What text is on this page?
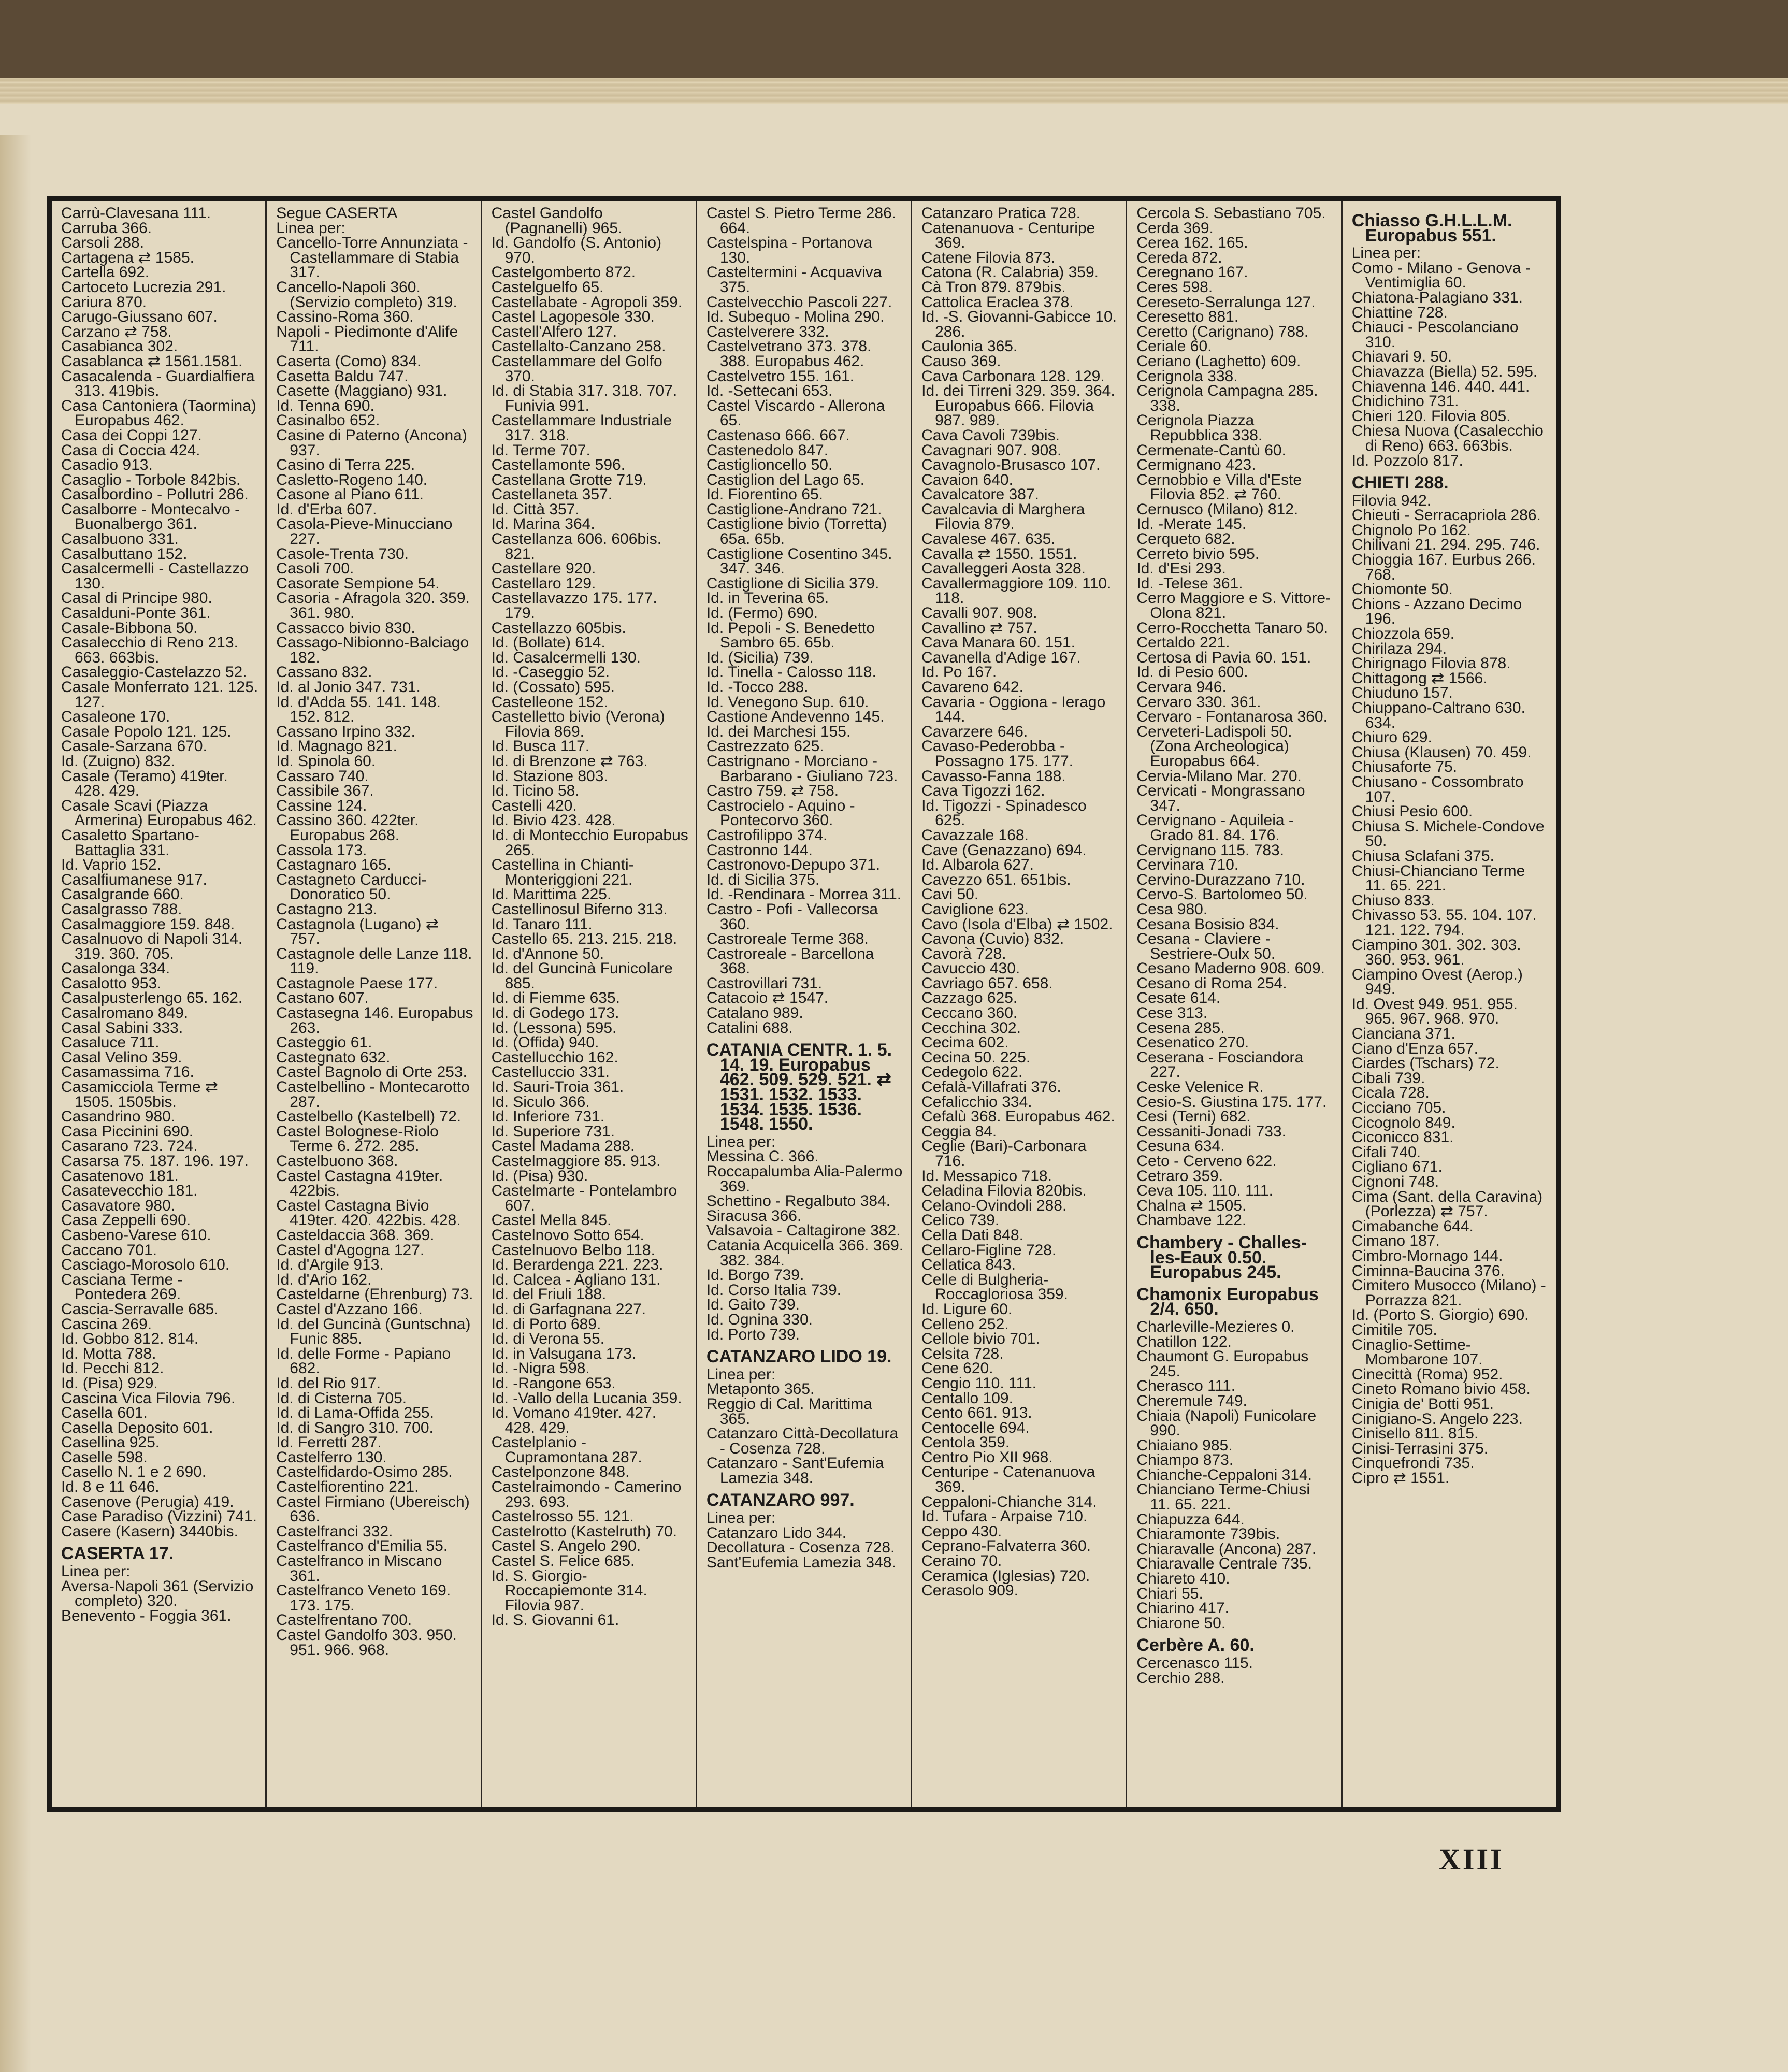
Carrù-Clavesana 111.
Carruba 366.
Carsoli 288.
Cartagena ⇄ 1585.
Cartella 692.
Cartoceto Lucrezia 291.
Cariura 870.
Carugo-Giussano 607.
Carzano ⇄ 758.
Casabianca 302.
Casablanca ⇄ 1561.1581.
Casacalenda - Guardialfiera 313. 419bis.
Casa Cantoniera (Taormina) Europabus 462.
Casa dei Coppi 127.
Casa di Coccia 424.
Casadio 913.
Casaglio - Torbole 842bis.
Casalbordino - Pollutri 286.
Casalborre - Montecalvo - Buonalbergo 361.
Casalbuono 331.
Casalbuttano 152.
Casalcermelli - Castellazzo 130.
Casal di Principe 980.
Casalduni-Ponte 361.
Casale-Bibbona 50.
Casalecchio di Reno 213. 663. 663bis.
Casaleggio-Castelazzo 52.
Casale Monferrato 121. 125. 127.
Casaleone 170.
Casale Popolo 121. 125.
Casale-Sarzana 670.
Id. (Zuigno) 832.
Casale (Teramo) 419ter. 428. 429.
Casale Scavi (Piazza Armerina) Europabus 462.
Casaletto Spartano-Battaglia 331.
Id. Vaprio 152.
Casalfiumanese 917.
Casalgrande 660.
Casalgrasso 788.
Casalmaggiore 159. 848.
Casalnuovo di Napoli 314. 319. 360. 705.
Casalonga 334.
Casalotto 953.
Casalpusterlengo 65. 162.
Casalromano 849.
Casal Sabini 333.
Casaluce 711.
Casal Velino 359.
Casamassima 716.
Casamicciola Terme ⇄ 1505. 1505bis.
Casandrino 980.
Casa Piccinini 690.
Casarano 723. 724.
Casarsa 75. 187. 196. 197.
Casatenovo 181.
Casatevecchio 181.
Casavatore 980.
Casa Zeppelli 690.
Casbeno-Varese 610.
Caccano 701.
Casciago-Morosolo 610.
Casciana Terme - Pontedera 269.
Cascia-Serravalle 685.
Cascina 269.
Id. Gobbo 812. 814.
Id. Motta 788.
Id. Pecchi 812.
Id. (Pisa) 929.
Cascina Vica Filovia 796.
Casella 601.
Casella Deposito 601.
Casellina 925.
Caselle 598.
Casello N. 1 e 2 690.
Id. 8 e 11 646.
Casenove (Perugia) 419.
Case Paradiso (Vizzini) 741.
Casere (Kasern) 3440bis.
CASERTA 17.
Linea per:
Aversa-Napoli 361 (Servizio completo) 320.
Benevento - Foggia 361.
Segue CASERTA
Linea per:
Cancello-Torre Annunziata - Castellammare di Stabia 317.
Cancello-Napoli 360. (Servizio completo) 319.
Cassino-Roma 360.
Napoli - Piedimonte d'Alife 711.
Caserta (Como) 834.
Casetta Baldu 747.
Casette (Maggiano) 931.
Id. Tenna 690.
Casinalbo 652.
Casine di Paterno (Ancona) 937.
Casino di Terra 225.
Casletto-Rogeno 140.
Casone al Piano 611.
Id. d'Erba 607.
Casola-Pieve-Minucciano 227.
Casole-Trenta 730.
Casoli 700.
Casorate Sempione 54.
Casoria - Afragola 320. 359. 361. 980.
Cassacco bivio 830.
Cassago-Nibionno-Balciago 182.
Cassano 832.
Id. al Jonio 347. 731.
Id. d'Adda 55. 141. 148. 152. 812.
Cassano Irpino 332.
Id. Magnago 821.
Id. Spinola 60.
Cassaro 740.
Cassibile 367.
Cassine 124.
Cassino 360. 422ter. Europabus 268.
Cassola 173.
Castagnaro 165.
Castagneto Carducci-Donoratico 50.
Castagno 213.
Castagnola (Lugano) ⇄ 757.
Castagnole delle Lanze 118. 119.
Castagnole Paese 177.
Castano 607.
Castasegna 146. Europabus 263.
Casteggio 61.
Castegnato 632.
Castel Bagnolo di Orte 253.
Castelbellino - Montecarotto 287.
Castelbello (Kastelbell) 72.
Castel Bolognese-Riolo Terme 6. 272. 285.
Castelbuono 368.
Castel Castagna 419ter. 422bis.
Castel Castagna Bivio 419ter. 420. 422bis. 428.
Casteldaccia 368. 369.
Castel d'Agogna 127.
Id. d'Argile 913.
Id. d'Ario 162.
Casteldarne (Ehrenburg) 73.
Castel d'Azzano 166.
Id. del Guncinà (Guntschna) Funic 885.
Id. delle Forme - Papiano 682.
Id. del Rio 917.
Id. di Cisterna 705.
Id. di Lama-Offida 255.
Id. di Sangro 310. 700.
Id. Ferretti 287.
Castelferro 130.
Castelfidardo-Osimo 285.
Castelfiorentino 221.
Castel Firmiano (Ubereisch) 636.
Castelfranci 332.
Castelfranco d'Emilia 55.
Castelfranco in Miscano 361.
Castelfranco Veneto 169. 173. 175.
Castelfrentano 700.
Castel Gandolfo 303. 950. 951. 966. 968.
Castel Gandolfo (Pagnanelli) 965.
Id. Gandolfo (S. Antonio) 970.
Castelgomberto 872.
Castelguelfo 65.
Castellabate - Agropoli 359.
Castel Lagopesole 330.
Castell'Alfero 127.
Castellalto-Canzano 258.
Castellammare del Golfo 370.
Id. di Stabia 317. 318. 707. Funivia 991.
Castellammare Industriale 317. 318.
Id. Terme 707.
Castellamonte 596.
Castellana Grotte 719.
Castellaneta 357.
Id. Città 357.
Id. Marina 364.
Castellanza 606. 606bis. 821.
Castellare 920.
Castellaro 129.
Castellavazzo 175. 177. 179.
Castellazzo 605bis.
Id. (Bollate) 614.
Id. Casalcermelli 130.
Id. -Caseggio 52.
Id. (Cossato) 595.
Castelleone 152.
Castelletto bivio (Verona) Filovia 869.
Id. Busca 117.
Id. di Brenzone ⇄ 763.
Id. Stazione 803.
Id. Ticino 58.
Castelli 420.
Id. Bivio 423. 428.
Id. di Montecchio Europabus 265.
Castellina in Chianti-Monteriggioni 221.
Id. Marittima 225.
Castellinosul Biferno 313.
Id. Tanaro 111.
Castello 65. 213. 215. 218.
Id. d'Annone 50.
Id. del Guncinà Funicolare 885.
Id. di Fiemme 635.
Id. di Godego 173.
Id. (Lessona) 595.
Id. (Offida) 940.
Castellucchio 162.
Castelluccio 331.
Id. Sauri-Troia 361.
Id. Siculo 366.
Id. Inferiore 731.
Id. Superiore 731.
Castel Madama 288.
Castelmaggiore 85. 913.
Id. (Pisa) 930.
Castelmarte - Pontelambro 607.
Castel Mella 845.
Castelnovo Sotto 654.
Castelnuovo Belbo 118.
Id. Berardenga 221. 223.
Id. Calcea - Agliano 131.
Id. del Friuli 188.
Id. di Garfagnana 227.
Id. di Porto 689.
Id. di Verona 55.
Id. in Valsugana 173.
Id. -Nigra 598.
Id. -Rangone 653.
Id. -Vallo della Lucania 359.
Id. Vomano 419ter. 427. 428. 429.
Castelplanio - Cupramontana 287.
Castelponzone 848.
Castelraimondo - Camerino 293. 693.
Castelrosso 55. 121.
Castelrotto (Kastelruth) 70.
Castel S. Angelo 290.
Castel S. Felice 685.
Id. S. Giorgio-Roccapiemonte 314. Filovia 987.
Id. S. Giovanni 61.
Castel S. Pietro Terme 286. 664.
Castelspina - Portanova 130.
Casteltermini - Acquaviva 375.
Castelvecchio Pascoli 227.
Id. Subequo - Molina 290.
Castelverere 332.
Castelvetrano 373. 378. 388. Europabus 462.
Castelvetro 155. 161.
Id. -Settecani 653.
Castel Viscardo - Allerona 65.
Castenaso 666. 667.
Castenedolo 847.
Castiglioncello 50.
Castiglion del Lago 65.
Id. Fiorentino 65.
Castiglione-Andrano 721.
Castiglione bivio (Torretta) 65a. 65b.
Castiglione Cosentino 345. 347. 346.
Castiglione di Sicilia 379.
Id. in Teverina 65.
Id. (Fermo) 690.
Id. Pepoli - S. Benedetto Sambro 65. 65b.
Id. (Sicilia) 739.
Id. Tinella - Calosso 118.
Id. -Tocco 288.
Id. Venegono Sup. 610.
Castione Andevenno 145.
Id. dei Marchesi 155.
Castrezzato 625.
Castrignano - Morciano - Barbarano - Giuliano 723.
Castro 759. ⇄ 758.
Castrocielo - Aquino - Pontecorvo 360.
Castrofilippo 374.
Castronno 144.
Castronovo-Depupo 371.
Id. di Sicilia 375.
Id. -Rendinara - Morrea 311.
Castro - Pofi - Vallecorsa 360.
Castroreale Terme 368.
Castroreale - Barcellona 368.
Castrovillari 731.
Catacoio ⇄ 1547.
Catalano 989.
Catalini 688.
CATANIA CENTR. 1. 5. 14. 19. Europabus 462. 509. 529. 521. ⇄ 1531. 1532. 1533. 1534. 1535. 1536. 1548. 1550.
Linea per:
Messina C. 366.
Roccapalumba Alia-Palermo 369.
Schettino - Regalbuto 384.
Siracusa 366.
Valsavoia - Caltagirone 382.
Catania Acquicella 366. 369. 382. 384.
Id. Borgo 739.
Id. Corso Italia 739.
Id. Gaito 739.
Id. Ognina 330.
Id. Porto 739.
CATANZARO LIDO 19.
Linea per:
Metaponto 365.
Reggio di Cal. Marittima 365.
Catanzaro Città-Decollatura - Cosenza 728.
Catanzaro - Sant'Eufemia Lamezia 348.
CATANZARO 997.
Linea per:
Catanzaro Lido 344.
Decollatura - Cosenza 728.
Sant'Eufemia Lamezia 348.
Catanzaro Pratica 728.
Catenanuova - Centuripe 369.
Catene Filovia 873.
Catona (R. Calabria) 359.
Cà Tron 879. 879bis.
Cattolica Eraclea 378.
Id. -S. Giovanni-Gabicce 10. 286.
Caulonia 365.
Causo 369.
Cava Carbonara 128. 129.
Id. dei Tirreni 329. 359. 364. Europabus 666. Filovia 987. 989.
Cava Cavoli 739bis.
Cavagnari 907. 908.
Cavagnolo-Brusasco 107.
Cavaion 640.
Cavalcatore 387.
Cavalcavia di Marghera Filovia 879.
Cavalese 467. 635.
Cavalla ⇄ 1550. 1551.
Cavalleggeri Aosta 328.
Cavallermaggiore 109. 110. 118.
Cavalli 907. 908.
Cavallino ⇄ 757.
Cava Manara 60. 151.
Cavanella d'Adige 167.
Id. Po 167.
Cavareno 642.
Cavaria - Oggiona - Ierago 144.
Cavarzere 646.
Cavaso-Pederobba - Possagno 175. 177.
Cavasso-Fanna 188.
Cava Tigozzi 162.
Id. Tigozzi - Spinadesco 625.
Cavazzale 168.
Cave (Genazzano) 694.
Id. Albarola 627.
Cavezzo 651. 651bis.
Cavi 50.
Caviglione 623.
Cavo (Isola d'Elba) ⇄ 1502.
Cavona (Cuvio) 832.
Cavorà 728.
Cavuccio 430.
Cavriago 657. 658.
Cazzago 625.
Ceccano 360.
Cecchina 302.
Cecima 602.
Cecina 50. 225.
Cedegolo 622.
Cefalà-Villafrati 376.
Cefalicchio 334.
Cefalù 368. Europabus 462.
Ceggia 84.
Ceglie (Bari)-Carbonara 716.
Id. Messapico 718.
Celadina Filovia 820bis.
Celano-Ovindoli 288.
Celico 739.
Cella Dati 848.
Cellaro-Figline 728.
Cellatica 843.
Celle di Bulgheria-Roccagloriosa 359.
Id. Ligure 60.
Celleno 252.
Cellole bivio 701.
Celsita 728.
Cene 620.
Cengio 110. 111.
Centallo 109.
Cento 661. 913.
Centocelle 694.
Centola 359.
Centro Pio XII 968.
Centuripe - Catenanuova 369.
Ceppaloni-Chianche 314.
Id. Tufara - Arpaise 710.
Ceppo 430.
Ceprano-Falvaterra 360.
Ceraino 70.
Ceramica (Iglesias) 720.
Cerasolo 909.
Cercola S. Sebastiano 705.
Cerda 369.
Cerea 162. 165.
Cereda 872.
Ceregnano 167.
Ceres 598.
Cereseto-Serralunga 127.
Ceresetto 881.
Ceretto (Carignano) 788.
Ceriale 60.
Ceriano (Laghetto) 609.
Cerignola 338.
Cerignola Campagna 285. 338.
Cerignola Piazza Repubblica 338.
Cermenate-Cantù 60.
Cermignano 423.
Cernobbio e Villa d'Este Filovia 852. ⇄ 760.
Cernusco (Milano) 812.
Id. -Merate 145.
Cerqueto 682.
Cerreto bivio 595.
Id. d'Esi 293.
Id. -Telese 361.
Cerro Maggiore e S. Vittore-Olona 821.
Cerro-Rocchetta Tanaro 50.
Certaldo 221.
Certosa di Pavia 60. 151.
Id. di Pesio 600.
Cervara 946.
Cervaro 330. 361.
Cervaro - Fontanarosa 360.
Cerveteri-Ladispoli 50. (Zona Archeologica) Europabus 664.
Cervia-Milano Mar. 270.
Cervicati - Mongrassano 347.
Cervignano - Aquileia - Grado 81. 84. 176.
Cervignano 115. 783.
Cervinara 710.
Cervino-Durazzano 710.
Cervo-S. Bartolomeo 50.
Cesa 980.
Cesana Bosisio 834.
Cesana - Claviere - Sestriere-Oulx 50.
Cesano Maderno 908. 609.
Cesano di Roma 254.
Cesate 614.
Cese 313.
Cesena 285.
Cesenatico 270.
Ceserana - Fosciandora 227.
Ceske Velenice R.
Cesio-S. Giustina 175. 177.
Cesi (Terni) 682.
Cessaniti-Jonadi 733.
Cesuna 634.
Ceto - Cerveno 622.
Cetraro 359.
Ceva 105. 110. 111.
Chalna ⇄ 1505.
Chambave 122.
Chambery - Challes-les-Eaux 0.50. Europabus 245.
Chamonix Europabus 2/4. 650.
Charleville-Mezieres 0.
Chatillon 122.
Chaumont G. Europabus 245.
Cherasco 111.
Cheremule 749.
Chiaia (Napoli) Funicolare 990.
Chiaiano 985.
Chiampo 873.
Chianche-Ceppaloni 314.
Chianciano Terme-Chiusi 11. 65. 221.
Chiapuzza 644.
Chiaramonte 739bis.
Chiaravalle (Ancona) 287.
Chiaravalle Centrale 735.
Chiareto 410.
Chiari 55.
Chiarino 417.
Chiarone 50.
Cerbère A. 60.
Cercenasco 115.
Cerchio 288.
Chiasso G.H.L.L.M. Europabus 551.
Linea per:
Como - Milano - Genova - Ventimiglia 60.
Chiatona-Palagiano 331.
Chiattine 728.
Chiauci - Pescolanciano 310.
Chiavari 9. 50.
Chiavazza (Biella) 52. 595.
Chiavenna 146. 440. 441.
Chidichino 731.
Chieri 120. Filovia 805.
Chiesa Nuova (Casalecchio di Reno) 663. 663bis.
Id. Pozzolo 817.
CHIETI 288.
Filovia 942.
Chieuti - Serracapriola 286.
Chignolo Po 162.
Chilivani 21. 294. 295. 746.
Chioggia 167. Eurbus 266. 768.
Chiomonte 50.
Chions - Azzano Decimo 196.
Chiozzola 659.
Chirilaza 294.
Chirignago Filovia 878.
Chittagong ⇄ 1566.
Chiuduno 157.
Chiuppano-Caltrano 630. 634.
Chiuro 629.
Chiusa (Klausen) 70. 459.
Chiusaforte 75.
Chiusano - Cossombrato 107.
Chiusi Pesio 600.
Chiusa S. Michele-Condove 50.
Chiusa Sclafani 375.
Chiusi-Chianciano Terme 11. 65. 221.
Chiuso 833.
Chivasso 53. 55. 104. 107. 121. 122. 794.
Ciampino 301. 302. 303. 360. 953. 961.
Ciampino Ovest (Aerop.) 949.
Id. Ovest 949. 951. 955. 965. 967. 968. 970.
Cianciana 371.
Ciano d'Enza 657.
Ciardes (Tschars) 72.
Cibali 739.
Cicala 728.
Cicciano 705.
Cicognolo 849.
Ciconicco 831.
Cifali 740.
Cigliano 671.
Cignoni 748.
Cima (Sant. della Caravina) (Porlezza) ⇄ 757.
Cimabanche 644.
Cimano 187.
Cimbro-Mornago 144.
Ciminna-Baucina 376.
Cimitero Musocco (Milano) - Porrazza 821.
Id. (Porto S. Giorgio) 690.
Cimitile 705.
Cinaglio-Settime-Mombarone 107.
Cinecittà (Roma) 952.
Cineto Romano bivio 458.
Cinigia de' Botti 951.
Cinigiano-S. Angelo 223.
Cinisello 811. 815.
Cinisi-Terrasini 375.
Cinquefrondi 735.
Cipro ⇄ 1551.
XIII
